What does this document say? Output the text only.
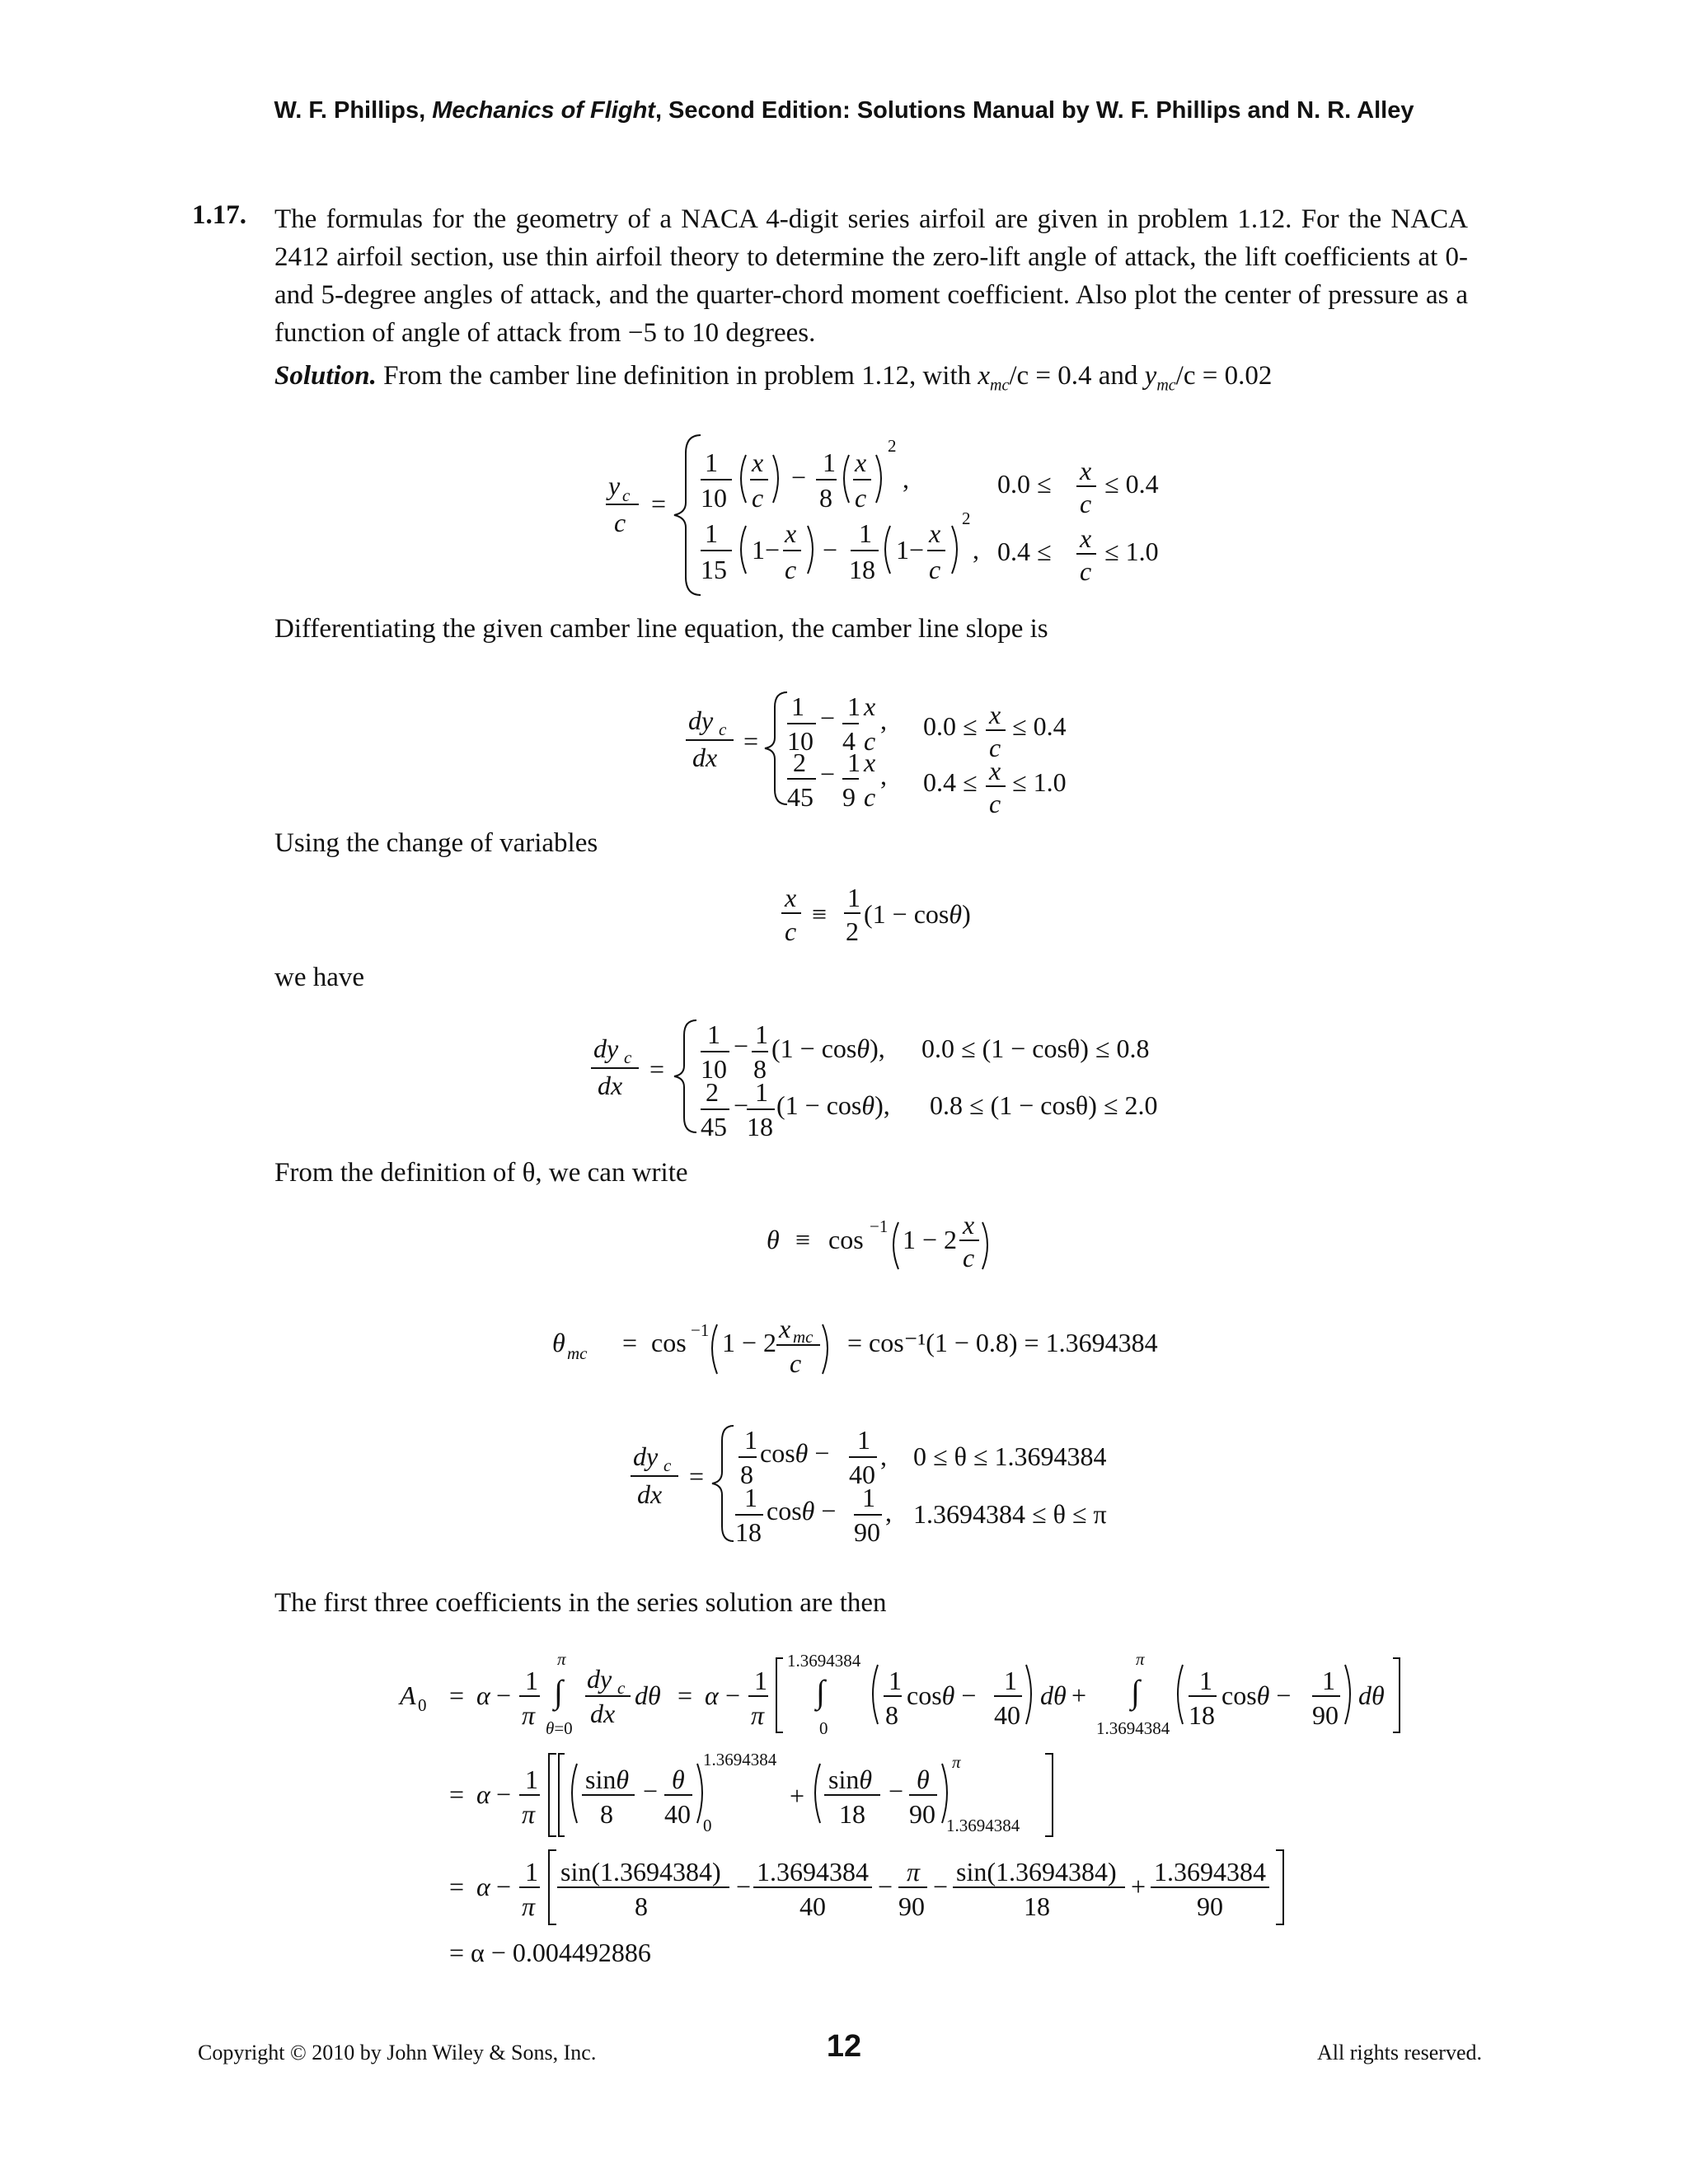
W. F. Phillips, Mechanics of Flight, Second Edition: Solutions Manual by W. F. Phillips and N. R. Alley
1.17. The formulas for the geometry of a NACA 4-digit series airfoil are given in problem 1.12. For the NACA 2412 airfoil section, use thin airfoil theory to determine the zero-lift angle of attack, the lift coefficients at 0- and 5-degree angles of attack, and the quarter-chord moment coefficient. Also plot the center of pressure as a function of angle of attack from −5 to 10 degrees.
Solution. From the camber line definition in problem 1.12, with $x_{mc}/c = 0.4$ and $y_{mc}/c = 0.02$
y c
c
=
1
10
x
c
− 1
8
x
c
2
,	0.0 ≤ x
c
≤ 0.4
1
15
1−
x
c
−
1
18
1−
x
c
2
, 0.4 ≤ x
c
≤ 1.0
Differentiating the given camber line equation, the camber line slope is
dy c
dx
=
1
10
− 1
4
x
c
, 0.0 ≤ x
c
≤ 0.4
2
45
− 1
9
x
c
, 0.4 ≤ x
c
≤ 1.0
Using the change of variables
x
c
≡
1
2
(1 − cosθ)
we have
dy c
dx
=
1
10
− 1
8
(1 − cosθ), 0.0 ≤ (1 − cosθ) ≤ 0.8
2
45
− 1
18
(1 − cosθ), 0.8 ≤ (1 − cosθ) ≤ 2.0
From the definition of θ, we can write
θ ≡ cos −1 1 − 2 x
c
θ mc = cos −1 1 − 2 x mc
c
= cos⁻¹(1 − 0.8) = 1.3694384
dy c
dx
=
1
8
cosθ − 1
40
, 0 ≤ θ ≤ 1.3694384
1
18
cosθ − 1
90
, 1.3694384 ≤ θ ≤ π
The first three coefficients in the series solution are then
A 0 = α − 1
π
π
∫
θ=0
dy c
dx
dθ = α − 1
π
1.3694384
∫
0
1
8
cosθ − 1
40
dθ +
π
∫
1.3694384
1
18
cosθ − 1
90
dθ
= α − 1
π
sinθ
8
− θ
40
1.3694384
0
+
sinθ
18
− θ
90
π
1.3694384
= α − 1
π
sin(1.3694384)
8
− 1.3694384
40
− π
90
− sin(1.3694384)
18
+ 1.3694384
90
= α − 0.004492886
Copyright © 2010 by John Wiley & Sons, Inc.	12	All rights reserved.
